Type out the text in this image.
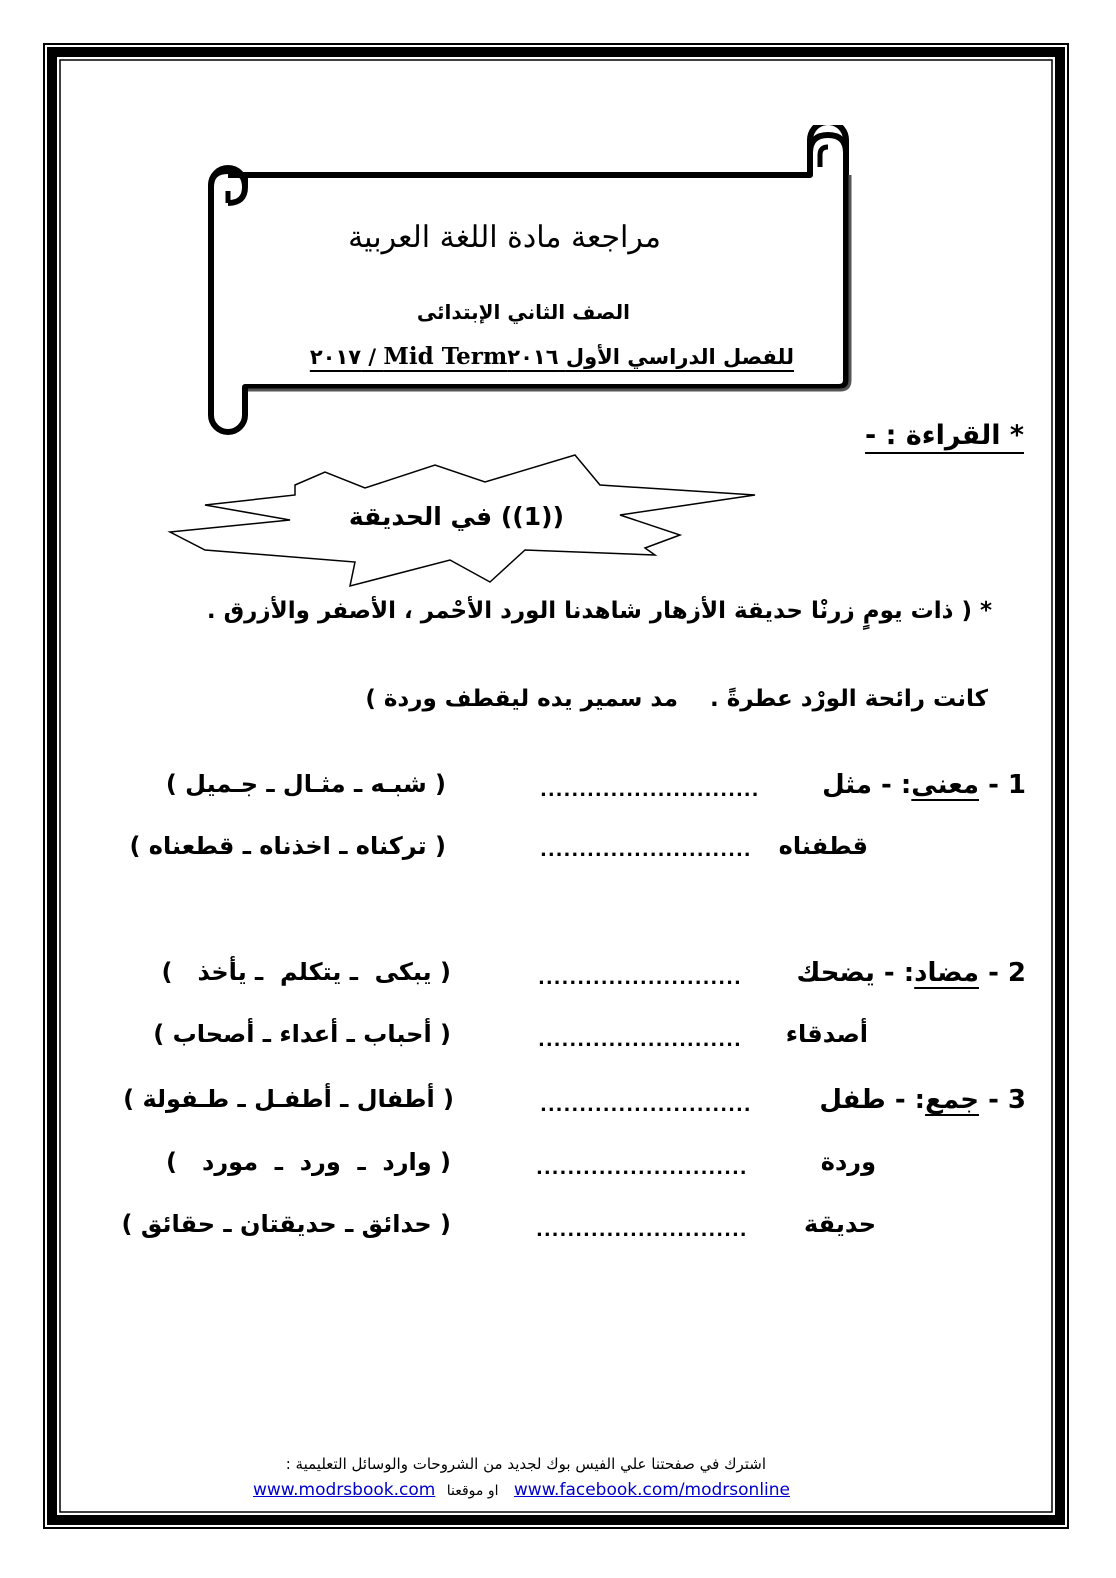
مراجعة مادة اللغة العربية
الصف الثاني الإبتدائى
للفصل الدراسي الأول Mid Term٢٠١٦ / ٢٠١٧
* القراءة : -
((1)) في الحديقة
* ( ذات يومٍ زرنْا حديقة الأزهار شاهدنا الورد الأحْمر ، الأصفر والأزرق .
كانت رائحة الورْد عطرةً .    مد سمير يده ليقطف وردة )
1 - معنى: - مثل
............................
( شبـه ـ مثـال ـ جـميل )
قطفناه
...........................
( تركناه ـ اخذناه ـ قطعناه )
2 - مضاد: - يضحك
..........................
( يبكى  ـ يتكلم  ـ يأخذ   )
أصدقاء
..........................
( أحباب ـ أعداء ـ أصحاب )
3 - جمع: - طفل
...........................
( أطفال ـ أطفـل ـ طـفولة )
وردة
...........................
( وارد  ـ  ورد  ـ  مورد   )
حديقة
...........................
( حدائق ـ حديقتان ـ حقائق )
اشترك في صفحتنا علي الفيس بوك لجديد من الشروحات والوسائل التعليمية :
www.modrsbook.com او موقعنا www.facebook.com/modrsonline
